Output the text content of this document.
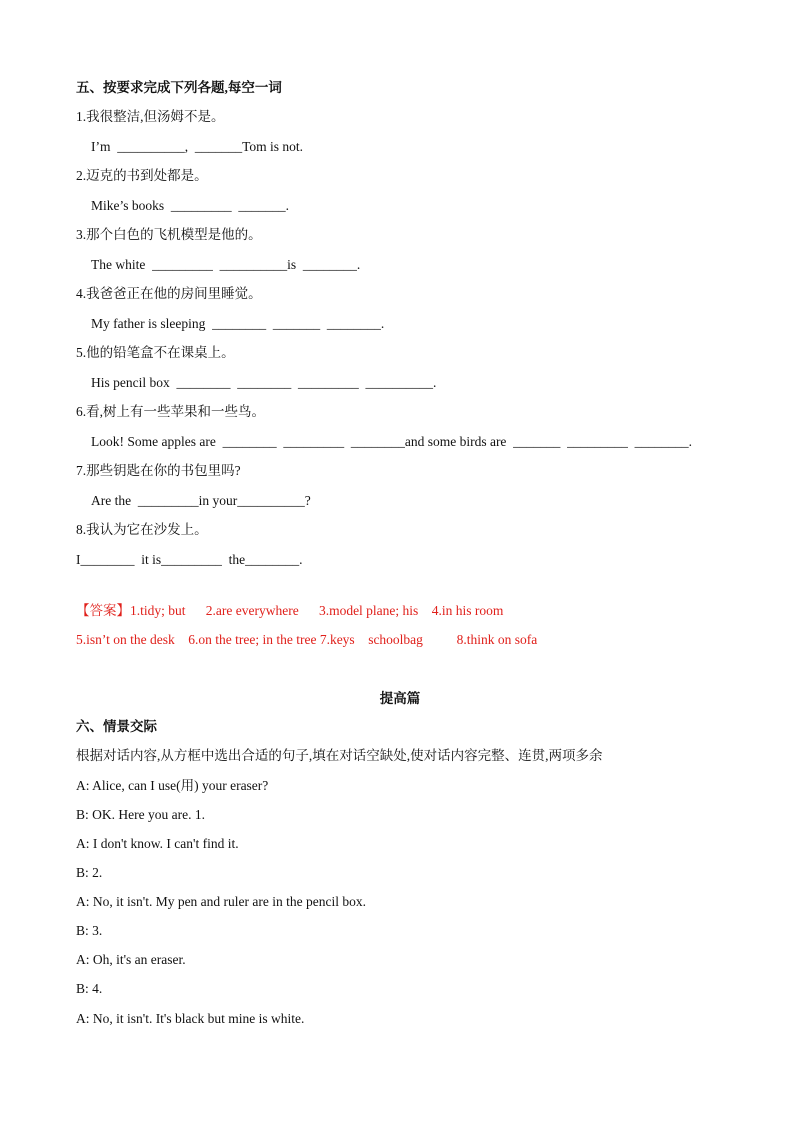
五、按要求完成下列各题,每空一词
1.我很整洁,但汤姆不是。
I’m  __________,  _______Tom is not.
2.迈克的书到处都是。
Mike’s books  _________  _______.
3.那个白色的飞机模型是他的。
The white  _________  __________is  ________.
4.我爸爸正在他的房间里睡觉。
My father is sleeping  ________  _______  ________.
5.他的铅笔盒不在课桌上。
His pencil box  ________  ________  _________  __________.
6.看,树上有一些苹果和一些鸟。
Look! Some apples are  ________  _________  ________and some birds are  _______  _________  ________.
7.那些钥匙在你的书包里吗?
Are the  _________in your__________?
8.我认为它在沙发上。
I________  it is_________  the________.
【答案】1.tidy; but      2.are everywhere      3.model plane; his    4.in his room
5.isn’t on the desk    6.on the tree; in the tree 7.keys    schoolbag          8.think on sofa
提高篇
六、情景交际
根据对话内容,从方框中选出合适的句子,填在对话空缺处,使对话内容完整、连贯,两项多余
A: Alice, can I use(用) your eraser?
B: OK. Here you are. 1.
A: I don't know. I can't find it.
B: 2.
A: No, it isn't. My pen and ruler are in the pencil box.
B: 3.
A: Oh, it's an eraser.
B: 4.
A: No, it isn't. It's black but mine is white.
